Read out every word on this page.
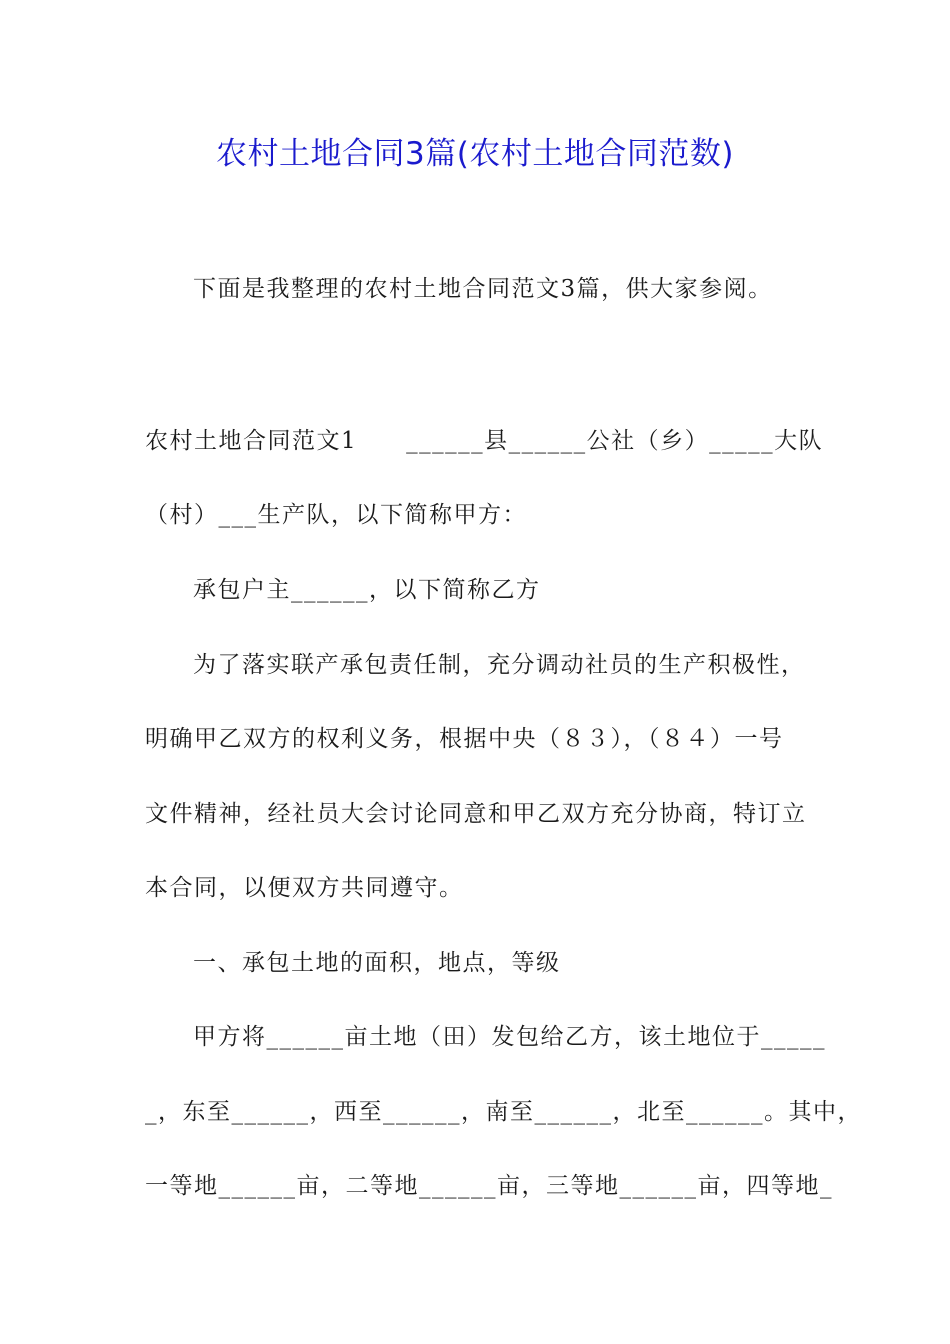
农村土地合同3篇(农村土地合同范数)
下面是我整理的农村土地合同范文3篇，供大家参阅。
农村土地合同范文1　　______县______公社（乡）_____大队
（村）___生产队，以下简称甲方：
承包户主______，以下简称乙方
为了落实联产承包责任制，充分调动社员的生产积极性，
明确甲乙双方的权利义务，根据中央（８３），（８４）一号
文件精神，经社员大会讨论同意和甲乙双方充分协商，特订立
本合同，以便双方共同遵守。
一、承包土地的面积，地点，等级
甲方将______亩土地（田）发包给乙方，该土地位于_____
_，东至______，西至______，南至______，北至______。其中，
一等地______亩，二等地______亩，三等地______亩，四等地_
